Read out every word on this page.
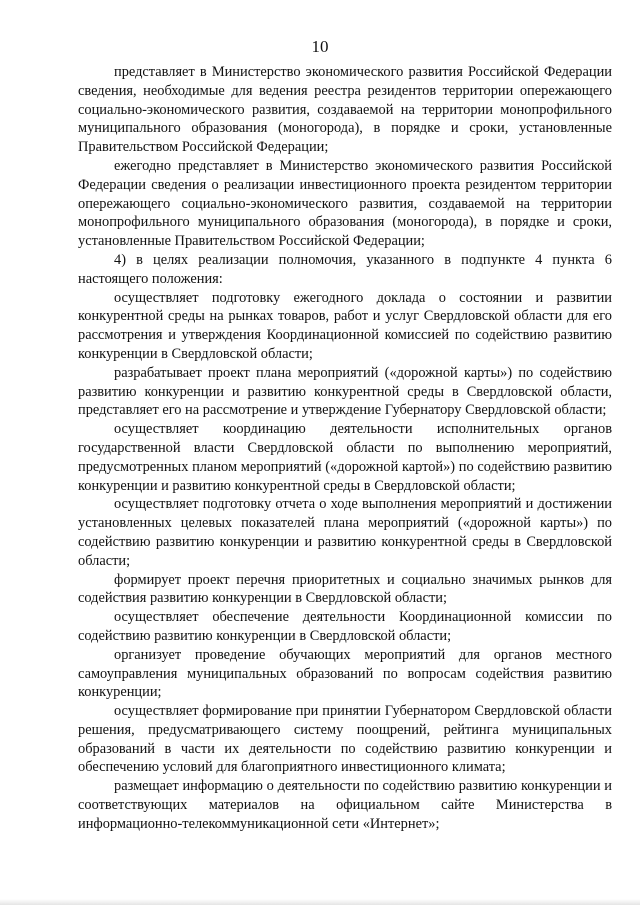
10

представляет в Министерство экономического развития Российской Федерации сведения, необходимые для ведения реестра резидентов территории опережающего социально-экономического развития, создаваемой на территории монопрофильного муниципального образования (моногорода), в порядке и сроки, установленные Правительством Российской Федерации;

ежегодно представляет в Министерство экономического развития Российской Федерации сведения о реализации инвестиционного проекта резидентом территории опережающего социально-экономического развития, создаваемой на территории монопрофильного муниципального образования (моногорода), в порядке и сроки, установленные Правительством Российской Федерации;

4) в целях реализации полномочия, указанного в подпункте 4 пункта 6 настоящего положения:

осуществляет подготовку ежегодного доклада о состоянии и развитии конкурентной среды на рынках товаров, работ и услуг Свердловской области для его рассмотрения и утверждения Координационной комиссией по содействию развитию конкуренции в Свердловской области;

разрабатывает проект плана мероприятий («дорожной карты») по содействию развитию конкуренции и развитию конкурентной среды в Свердловской области, представляет его на рассмотрение и утверждение Губернатору Свердловской области;

осуществляет координацию деятельности исполнительных органов государственной власти Свердловской области по выполнению мероприятий, предусмотренных планом мероприятий («дорожной картой») по содействию развитию конкуренции и развитию конкурентной среды в Свердловской области;

осуществляет подготовку отчета о ходе выполнения мероприятий и достижении установленных целевых показателей плана мероприятий («дорожной карты») по содействию развитию конкуренции и развитию конкурентной среды в Свердловской области;

формирует проект перечня приоритетных и социально значимых рынков для содействия развитию конкуренции в Свердловской области;

осуществляет обеспечение деятельности Координационной комиссии по содействию развитию конкуренции в Свердловской области;

организует проведение обучающих мероприятий для органов местного самоуправления муниципальных образований по вопросам содействия развитию конкуренции;

осуществляет формирование при принятии Губернатором Свердловской области решения, предусматривающего систему поощрений, рейтинга муниципальных образований в части их деятельности по содействию развитию конкуренции и обеспечению условий для благоприятного инвестиционного климата;

размещает информацию о деятельности по содействию развитию конкуренции и соответствующих материалов на официальном сайте Министерства в информационно-телекоммуникационной сети «Интернет»;
